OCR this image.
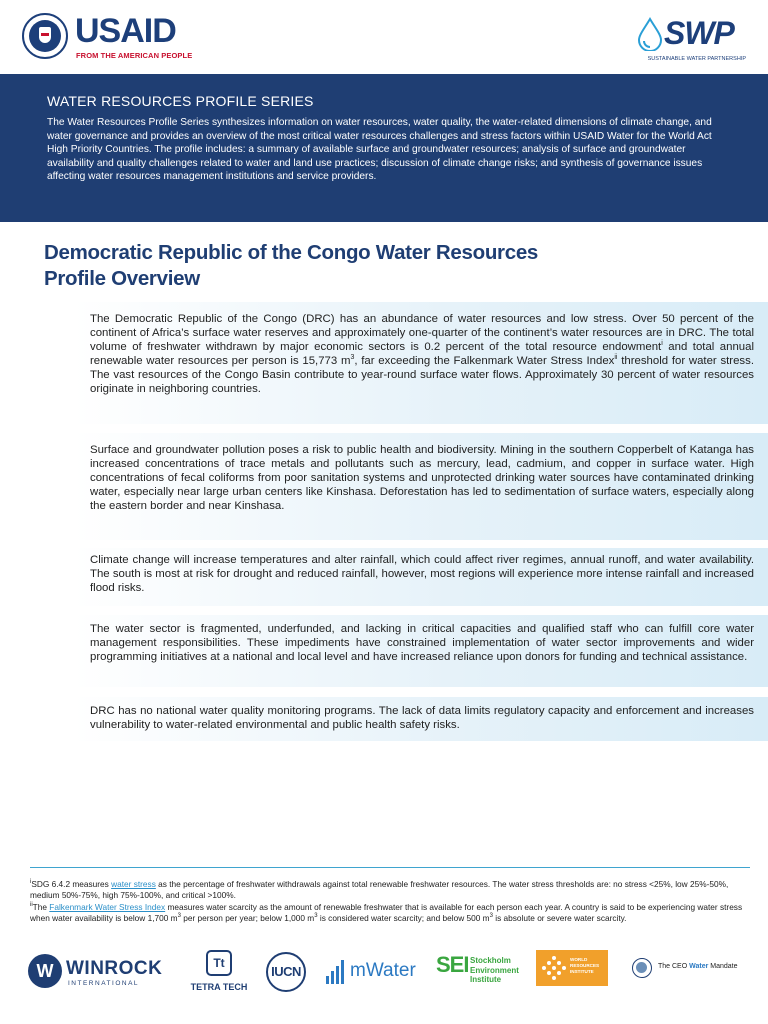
USAID
FROM THE AMERICAN PEOPLE
SWP
SUSTAINABLE WATER PARTNERSHIP
WATER RESOURCES PROFILE SERIES

The Water Resources Profile Series synthesizes information on water resources, water quality, the water-related dimensions of climate change, and water governance and provides an overview of the most critical water resources challenges and stress factors within USAID Water for the World Act High Priority Countries. The profile includes: a summary of available surface and groundwater resources; analysis of surface and groundwater availability and quality challenges related to water and land use practices; discussion of climate change risks; and synthesis of governance issues affecting water resources management institutions and service providers.

Democratic Republic of the Congo Water Resources
Profile Overview

The Democratic Republic of the Congo (DRC) has an abundance of water resources and low stress. Over 50 percent of the continent of Africa’s surface water reserves and approximately one-quarter of the continent’s water resources are in DRC. The total volume of freshwater withdrawn by major economic sectors is 0.2 percent of the total resource endowment$^i$ and total annual renewable water resources per person is 15,773 $m^3$, far exceeding the Falkenmark Water Stress Index$^{ii}$ threshold for water stress. The vast resources of the Congo Basin contribute to year-round surface water flows. Approximately 30 percent of water resources originate in neighboring countries.

Surface and groundwater pollution poses a risk to public health and biodiversity. Mining in the southern Copperbelt of Katanga has increased concentrations of trace metals and pollutants such as mercury, lead, cadmium, and copper in surface water. High concentrations of fecal coliforms from poor sanitation systems and unprotected drinking water sources have contaminated drinking water, especially near large urban centers like Kinshasa. Deforestation has led to sedimentation of surface waters, especially along the eastern border and near Kinshasa.

Climate change will increase temperatures and alter rainfall, which could affect river regimes, annual runoff, and water availability. The south is most at risk for drought and reduced rainfall, however, most regions will experience more intense rainfall and increased flood risks.

The water sector is fragmented, underfunded, and lacking in critical capacities and qualified staff who can fulfill core water management responsibilities. These impediments have constrained implementation of water sector improvements and wider programming initiatives at a national and local level and have increased reliance upon donors for funding and technical assistance.

DRC has no national water quality monitoring programs. The lack of data limits regulatory capacity and enforcement and increases vulnerability to water-related environmental and public health safety risks.

$^i$SDG 6.4.2 measures water stress as the percentage of freshwater withdrawals against total renewable freshwater resources. The water stress thresholds are: no stress <25%, low 25%-50%, medium 50%-75%, high 75%-100%, and critical >100%.

$^{ii}$The Falkenmark Water Stress Index measures water scarcity as the amount of renewable freshwater that is available for each person each year. A country is said to be experiencing water stress when water availability is below 1,700 $m^3$ per person per year; below 1,000 $m^3$ is considered water scarcity; and below 500 $m^3$ is absolute or severe water scarcity.

W WINROCK
INTERNATIONAL
Tt
TETRA TECH
IUCN	mWater SEI Stockholm
Environment
Institute
WORLD
RESOURCES
INSTITUTE
The CEO Water Mandate
